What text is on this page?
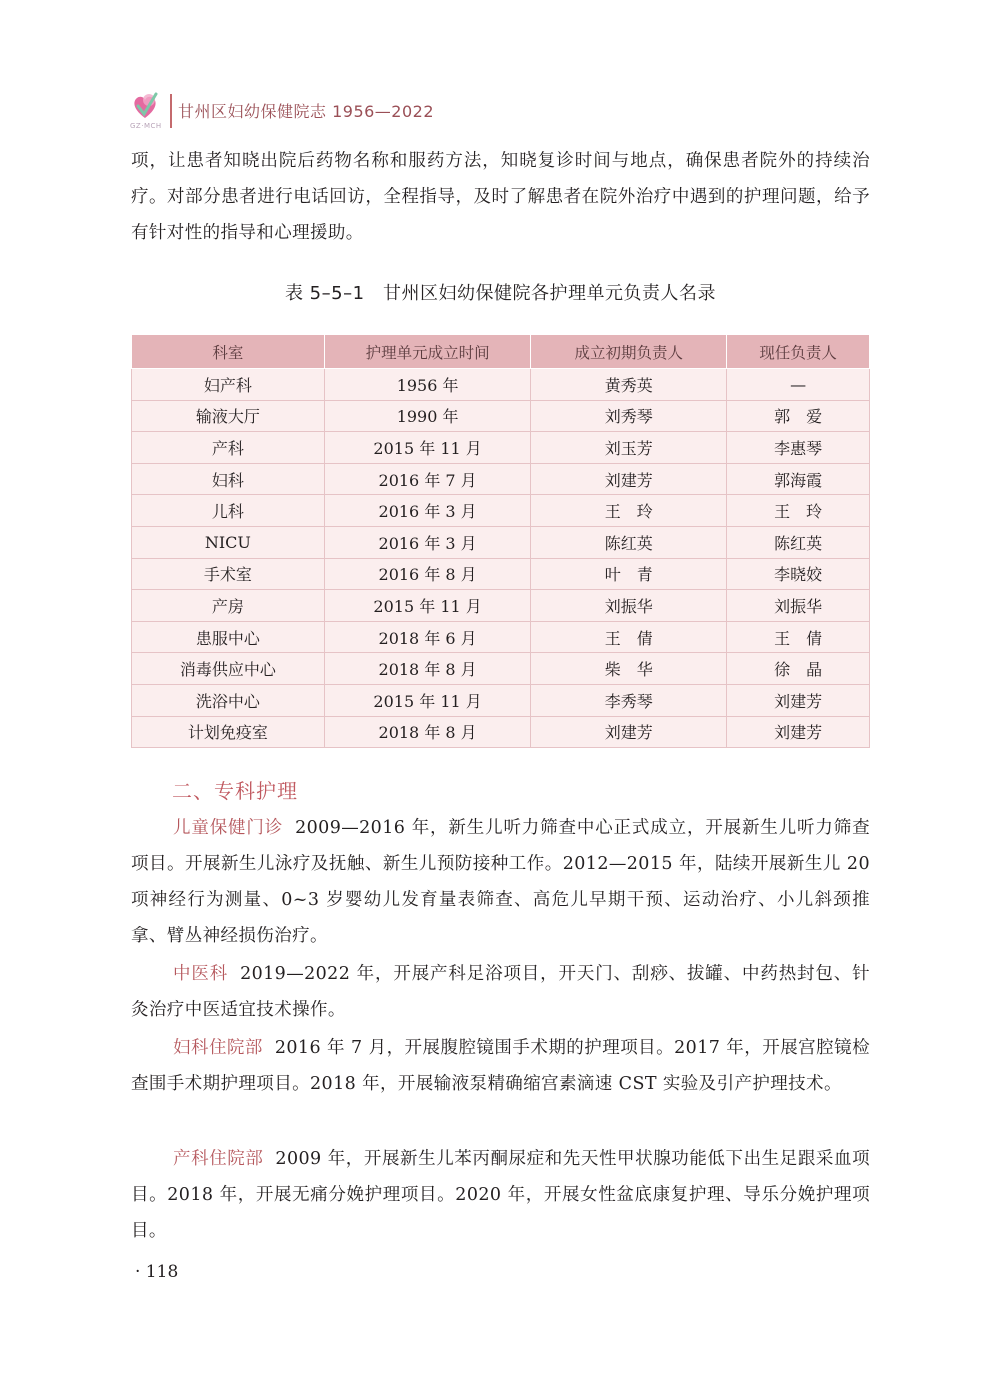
GZ·MCH
甘州区妇幼保健院志 1956—2022

项，让患者知晓出院后药物名称和服药方法，知晓复诊时间与地点，确保患者院外的持续治疗。对部分患者进行电话回访，全程指导，及时了解患者在院外治疗中遇到的护理问题，给予有针对性的指导和心理援助。

表 5–5–1　甘州区妇幼保健院各护理单元负责人名录
科室	护理单元成立时间	成立初期负责人	现任负责人
妇产科	1956 年	黄秀英	—
输液大厅	1990 年	刘秀琴	郭　爱
产科	2015 年 11 月	刘玉芳	李惠琴
妇科	2016 年 7 月	刘建芳	郭海霞
儿科	2016 年 3 月	王　玲	王　玲
NICU	2016 年 3 月	陈红英	陈红英
手术室	2016 年 8 月	叶　青	李晓姣
产房	2015 年 11 月	刘振华	刘振华
患服中心	2018 年 6 月	王　倩	王　倩
消毒供应中心	2018 年 8 月	柴　华	徐　晶
洗浴中心	2015 年 11 月	李秀琴	刘建芳
计划免疫室	2018 年 8 月	刘建芳	刘建芳
二、专科护理

儿童保健门诊 2009—2016 年，新生儿听力筛查中心正式成立，开展新生儿听力筛查项目。开展新生儿泳疗及抚触、新生儿预防接种工作。2012—2015 年，陆续开展新生儿 20 项神经行为测量、0~3 岁婴幼儿发育量表筛查、高危儿早期干预、运动治疗、小儿斜颈推拿、臂丛神经损伤治疗。

中医科 2019—2022 年，开展产科足浴项目，开天门、刮痧、拔罐、中药热封包、针灸治疗中医适宜技术操作。

妇科住院部 2016 年 7 月，开展腹腔镜围手术期的护理项目。2017 年，开展宫腔镜检查围手术期护理项目。2018 年，开展输液泵精确缩宫素滴速 CST 实验及引产护理技术。

产科住院部 2009 年，开展新生儿苯丙酮尿症和先天性甲状腺功能低下出生足跟采血项目。2018 年，开展无痛分娩护理项目。2020 年，开展女性盆底康复护理、导乐分娩护理项目。

· 118
